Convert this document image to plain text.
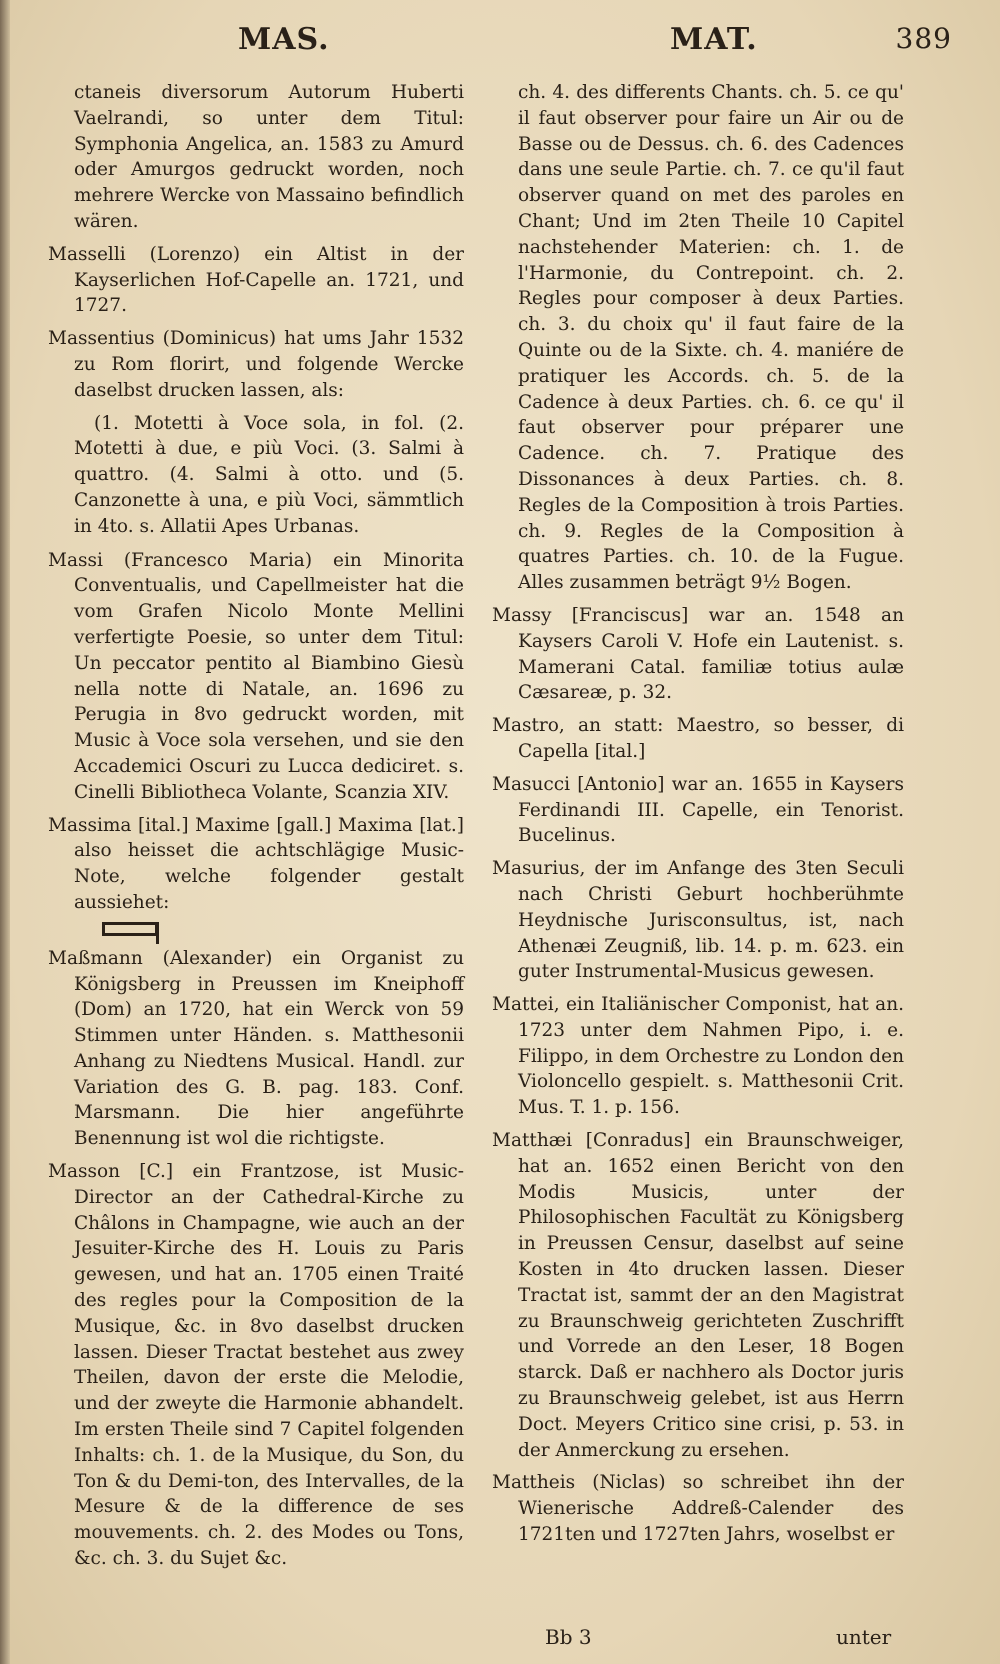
MAS.	MAT.	389

ctaneis diversorum Autorum Huberti Vaelrandi, so unter dem Titul: Symphonia Angelica, an. 1583 zu Amurd oder Amurgos gedruckt worden, noch mehrere Wercke von Massaino befindlich wären.

Masselli (Lorenzo) ein Altist in der Kayserlichen Hof-Capelle an. 1721, und 1727.

Massentius (Dominicus) hat ums Jahr 1532 zu Rom florirt, und folgende Wercke daselbst drucken lassen, als:

(1. Motetti à Voce sola, in fol. (2. Motetti à due, e più Voci. (3. Salmi à quattro. (4. Salmi à otto. und (5. Canzonette à una, e più Voci, sämmtlich in 4to. s. Allatii Apes Urbanas.

Massi (Francesco Maria) ein Minorita Conventualis, und Capellmeister hat die vom Grafen Nicolo Monte Mellini verfertigte Poesie, so unter dem Titul: Un peccator pentito al Biambino Giesù nella notte di Natale, an. 1696 zu Perugia in 8vo gedruckt worden, mit Music à Voce sola versehen, und sie den Accademici Oscuri zu Lucca dediciret. s. Cinelli Bibliotheca Volante, Scanzia XIV.

Massima [ital.] Maxime [gall.] Maxima [lat.] also heisset die achtschlägige Music-Note, welche folgender gestalt aussiehet:

Maßmann (Alexander) ein Organist zu Königsberg in Preussen im Kneiphoff (Dom) an 1720, hat ein Werck von 59 Stimmen unter Händen. s. Matthesonii Anhang zu Niedtens Musical. Handl. zur Variation des G. B. pag. 183. Conf. Marsmann. Die hier angeführte Benennung ist wol die richtigste.

Masson [C.] ein Frantzose, ist Music-Director an der Cathedral-Kirche zu Châlons in Champagne, wie auch an der Jesuiter-Kirche des H. Louis zu Paris gewesen, und hat an. 1705 einen Traité des regles pour la Composition de la Musique, &c. in 8vo daselbst drucken lassen. Dieser Tractat bestehet aus zwey Theilen, davon der erste die Melodie, und der zweyte die Harmonie abhandelt. Im ersten Theile sind 7 Capitel folgenden Inhalts: ch. 1. de la Musique, du Son, du Ton & du Demi-ton, des Intervalles, de la Mesure & de la difference de ses mouvements. ch. 2. des Modes ou Tons, &c. ch. 3. du Sujet &c.

ch. 4. des differents Chants. ch. 5. ce qu' il faut observer pour faire un Air ou de Basse ou de Dessus. ch. 6. des Cadences dans une seule Partie. ch. 7. ce qu'il faut observer quand on met des paroles en Chant; Und im 2ten Theile 10 Capitel nachstehender Materien: ch. 1. de l'Harmonie, du Contrepoint. ch. 2. Regles pour composer à deux Parties. ch. 3. du choix qu' il faut faire de la Quinte ou de la Sixte. ch. 4. maniére de pratiquer les Accords. ch. 5. de la Cadence à deux Parties. ch. 6. ce qu' il faut observer pour préparer une Cadence. ch. 7. Pratique des Dissonances à deux Parties. ch. 8. Regles de la Composition à trois Parties. ch. 9. Regles de la Composition à quatres Parties. ch. 10. de la Fugue. Alles zusammen beträgt 9½ Bogen.

Massy [Franciscus] war an. 1548 an Kaysers Caroli V. Hofe ein Lautenist. s. Mamerani Catal. familiæ totius aulæ Cæsareæ, p. 32.

Mastro, an statt: Maestro, so besser, di Capella [ital.]

Masucci [Antonio] war an. 1655 in Kaysers Ferdinandi III. Capelle, ein Tenorist. Bucelinus.

Masurius, der im Anfange des 3ten Seculi nach Christi Geburt hochberühmte Heydnische Jurisconsultus, ist, nach Athenæi Zeugniß, lib. 14. p. m. 623. ein guter Instrumental-Musicus gewesen.

Mattei, ein Italiänischer Componist, hat an. 1723 unter dem Nahmen Pipo, i. e. Filippo, in dem Orchestre zu London den Violoncello gespielt. s. Matthesonii Crit. Mus. T. 1. p. 156.

Matthæi [Conradus] ein Braunschweiger, hat an. 1652 einen Bericht von den Modis Musicis, unter der Philosophischen Facultät zu Königsberg in Preussen Censur, daselbst auf seine Kosten in 4to drucken lassen. Dieser Tractat ist, sammt der an den Magistrat zu Braunschweig gerichteten Zuschrifft und Vorrede an den Leser, 18 Bogen starck. Daß er nachhero als Doctor juris zu Braunschweig gelebet, ist aus Herrn Doct. Meyers Critico sine crisi, p. 53. in der Anmerckung zu ersehen.

Mattheis (Niclas) so schreibet ihn der Wienerische Addreß-Calender des 1721ten und 1727ten Jahrs, woselbst er

Bb 3	unter
